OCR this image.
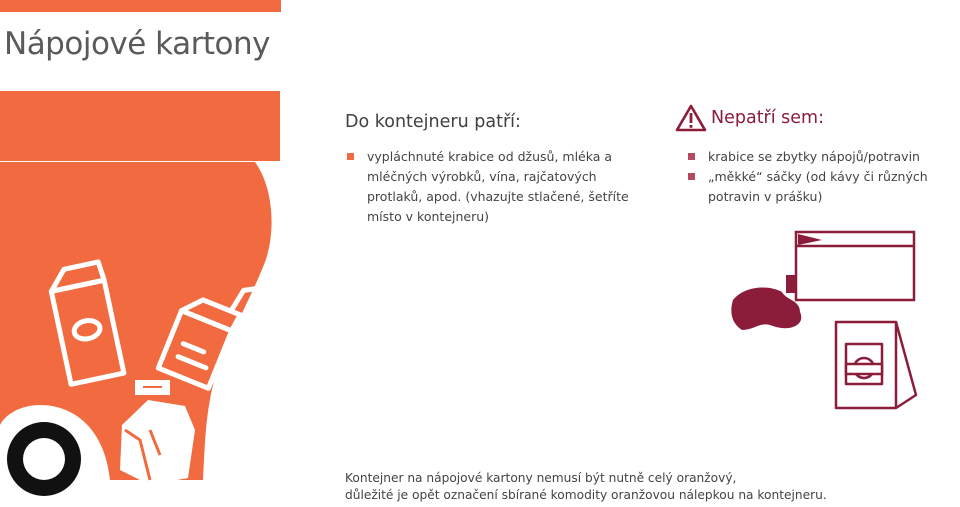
Nápojové kartony
Do kontejneru patří:
vypláchnuté krabice od džusů, mléka a mléčných výrobků, vína, rajčatových protlaků, apod. (vhazujte stlačené, šetříte místo v kontejneru)
Nepatří sem:
krabice se zbytky nápojů/potravin
„měkké“ sáčky (od kávy či různých potravin v prášku)

Kontejner na nápojové kartony nemusí být nutně celý oranžový,
důležité je opět označení sbírané komodity oranžovou nálepkou na kontejneru.
